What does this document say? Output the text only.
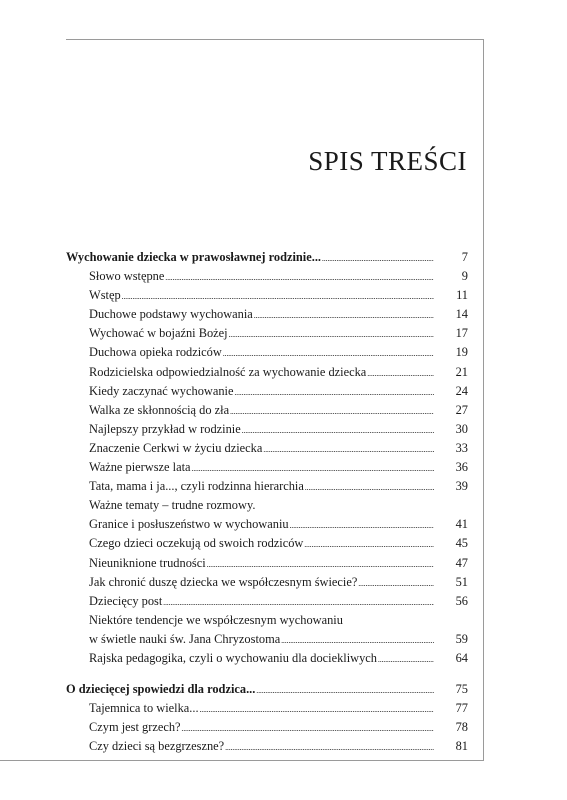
SPIS TREŚCI
Wychowanie dziecka w prawosławnej rodzinie... . . .	7
Słowo wstępne . . .	9
Wstęp . . .	11
Duchowe podstawy wychowania . . .	14
Wychować w bojaźni Bożej . . .	17
Duchowa opieka rodziców . . .	19
Rodzicielska odpowiedzialność za wychowanie dziecka . . .	21
Kiedy zaczynać wychowanie . . .	24
Walka ze skłonnością do zła . . .	27
Najlepszy przykład w rodzinie . . .	30
Znaczenie Cerkwi w życiu dziecka . . .	33
Ważne pierwsze lata . . .	36
Tata, mama i ja..., czyli rodzinna hierarchia . . .	39
Ważne tematy – trudne rozmowy.
Granice i posłuszeństwo w wychowaniu . . .	41
Czego dzieci oczekują od swoich rodziców . . .	45
Nieuniknione trudności . . .	47
Jak chronić duszę dziecka we współczesnym świecie? . . .	51
Dziecięcy post . . .	56
Niektóre tendencje we współczesnym wychowaniu
w świetle nauki św. Jana Chryzostoma . . .	59
Rajska pedagogika, czyli o wychowaniu dla dociekliwych . . .	64
O dziecięcej spowiedzi dla rodzica... . . .	75
Tajemnica to wielka... . . .	77
Czym jest grzech? . . .	78
Czy dzieci są bezgrzeszne? . . .	81
